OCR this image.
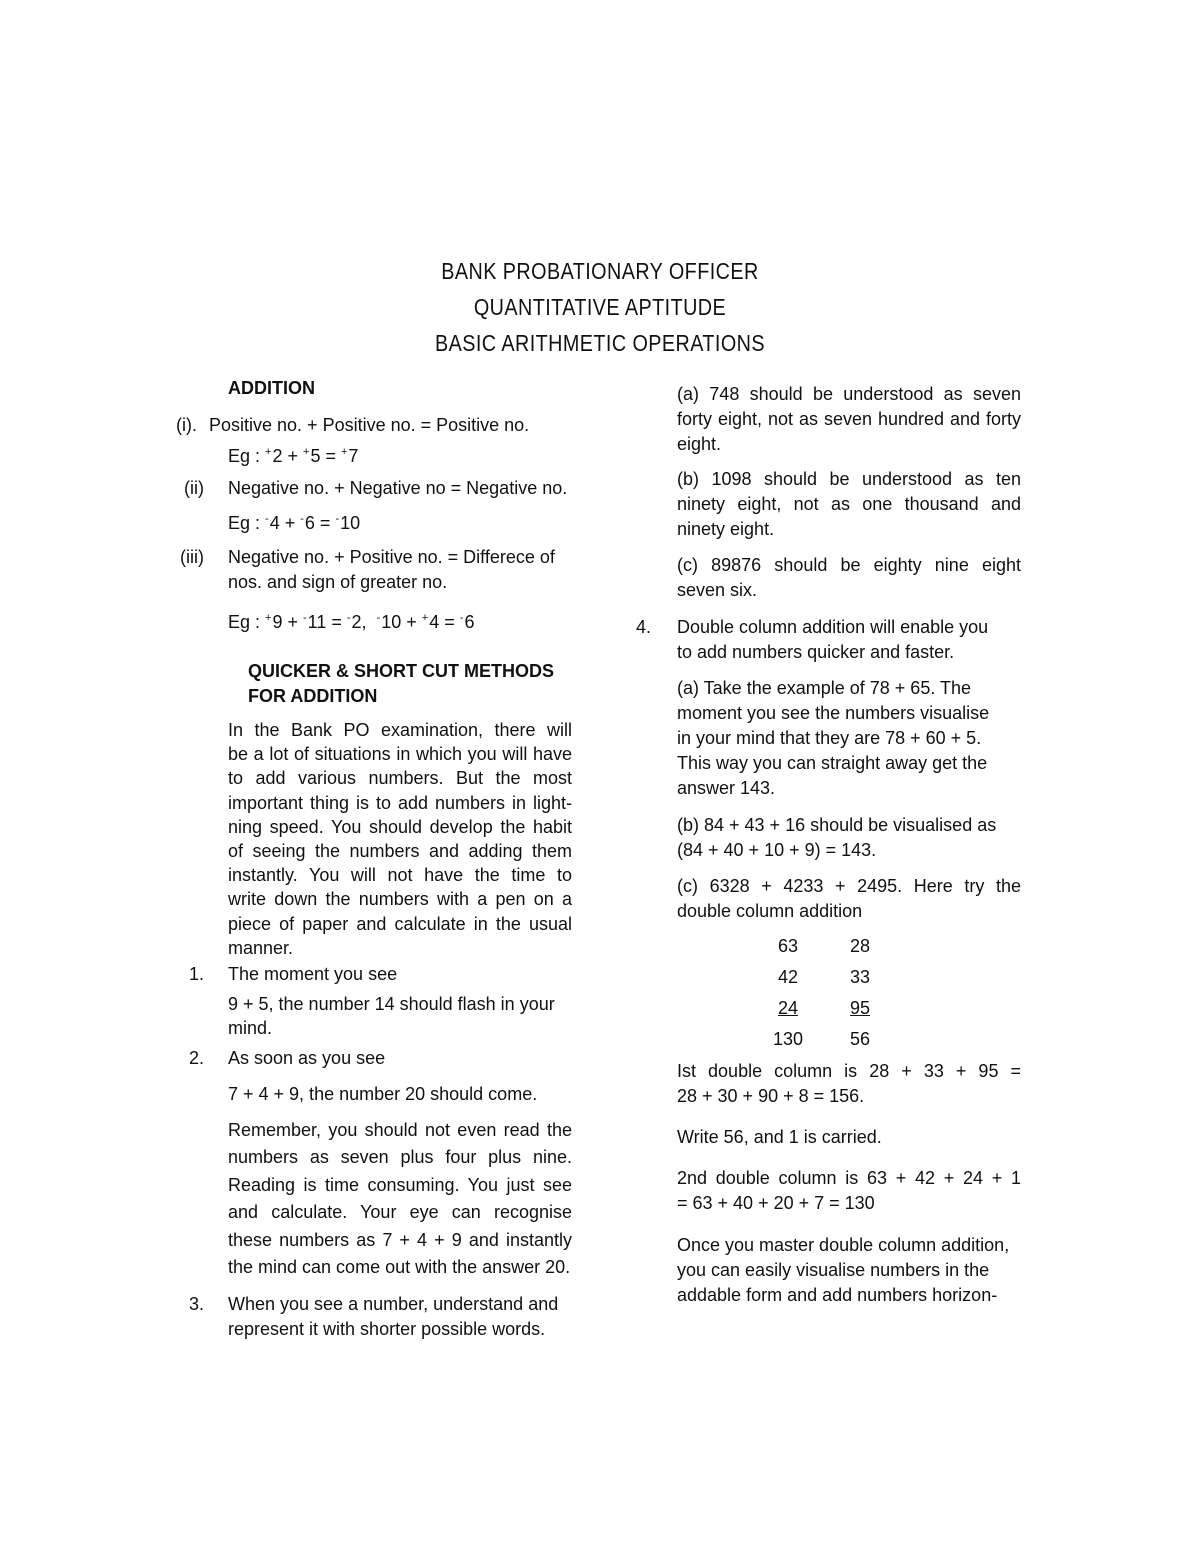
BANK PROBATIONARY OFFICER
QUANTITATIVE APTITUDE
BASIC ARITHMETIC OPERATIONS
ADDITION
(i). Positive no. + Positive no. = Positive no.
Eg : +2 + +5 = +7
(ii) Negative no. + Negative no = Negative no.
Eg : -4 + -6 = -10
(iii) Negative no. + Positive no. = Differece of
nos. and sign of greater no.
Eg : +9 + -11 = -2, -10 + +4 = -6
QUICKER & SHORT CUT METHODS
FOR ADDITION
In the Bank PO examination, there will
be a lot of situations in which you will have
to add various numbers. But the most
important thing is to add numbers in light-
ning speed. You should develop the habit
of seeing the numbers and adding them
instantly. You will not have the time to
write down the numbers with a pen on a
piece of paper and calculate in the usual
manner.
1. The moment you see
9 + 5, the number 14 should flash in your
mind.
2. As soon as you see
7 + 4 + 9, the number 20 should come.
Remember, you should not even read the
numbers as seven plus four plus nine.
Reading is time consuming. You just see
and calculate. Your eye can recognise
these numbers as 7 + 4 + 9 and instantly
the mind can come out with the answer 20.
3. When you see a number, understand and
represent it with shorter possible words.
(a) 748 should be understood as seven
forty eight, not as seven hundred and forty
eight.
(b) 1098 should be understood as ten
ninety eight, not as one thousand and
ninety eight.
(c) 89876 should be eighty nine eight
seven six.
4. Double column addition will enable you
to add numbers quicker and faster.
(a) Take the example of 78 + 65. The
moment you see the numbers visualise
in your mind that they are 78 + 60 + 5.
This way you can straight away get the
answer 143.
(b) 84 + 43 + 16 should be visualised as
(84 + 40 + 10 + 9) = 143.
(c) 6328 + 4233 + 2495. Here try the
double column addition
63	28
42	33
24	95
130	56
Ist double column is 28 + 33 + 95 =
28 + 30 + 90 + 8 = 156.
Write 56, and 1 is carried.
2nd double column is 63 + 42 + 24 + 1
= 63 + 40 + 20 + 7 = 130
Once you master double column addition,
you can easily visualise numbers in the
addable form and add numbers horizon-
